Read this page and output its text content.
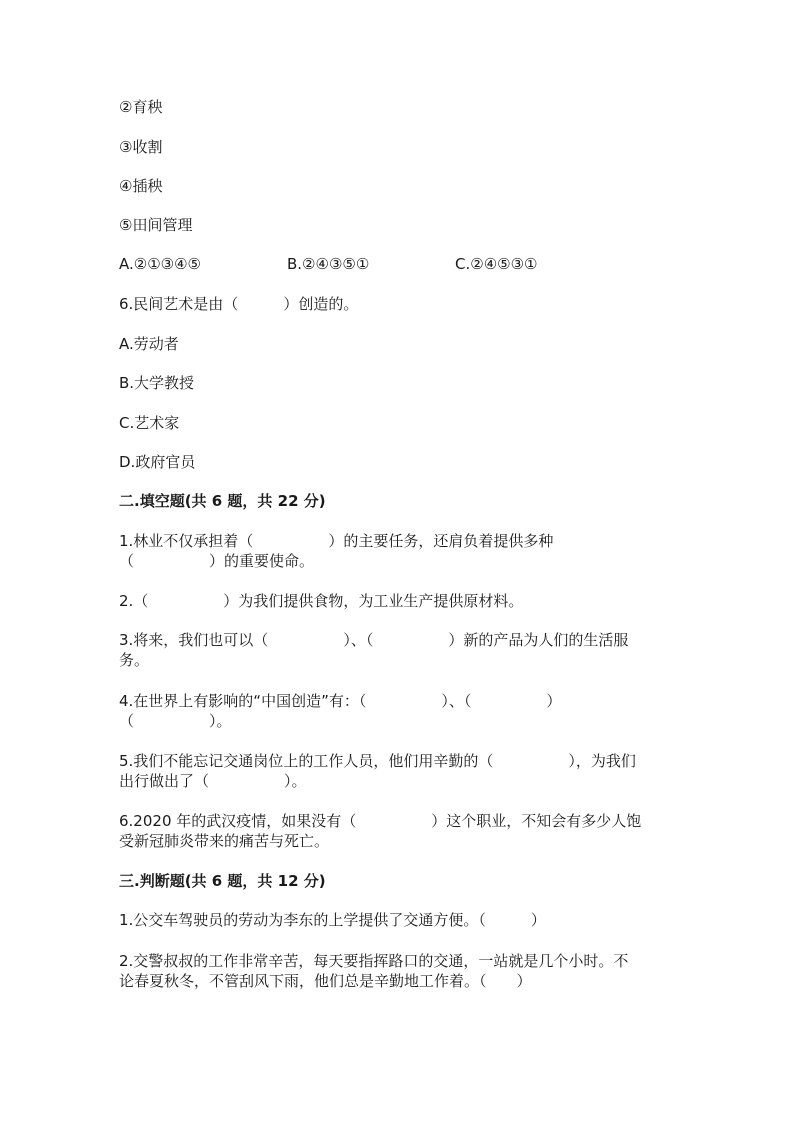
②育秧
③收割
④插秧
⑤田间管理
A.②①③④⑤	B.②④③⑤①	C.②④⑤③①
6.民间艺术是由（　　　）创造的。
A.劳动者
B.大学教授
C.艺术家
D.政府官员
二.填空题(共 6 题，共 22 分)
1.林业不仅承担着（　　　　　）的主要任务，还肩负着提供多种
（　　　　　）的重要使命。
2.（　　　　　）为我们提供食物，为工业生产提供原材料。
3.将来，我们也可以（　　　　　）、（　　　　　）新的产品为人们的生活服
务。
4.在世界上有影响的“中国创造”有：（　　　　　）、（　　　　　）
（　　　　　）。
5.我们不能忘记交通岗位上的工作人员，他们用辛勤的（　　　　　），为我们
出行做出了（　　　　　）。
6.2020 年的武汉疫情，如果没有（　　　　　）这个职业，不知会有多少人饱
受新冠肺炎带来的痛苦与死亡。
三.判断题(共 6 题，共 12 分)
1.公交车驾驶员的劳动为李东的上学提供了交通方便。（　　　）
2.交警叔叔的工作非常辛苦，每天要指挥路口的交通，一站就是几个小时。不
论春夏秋冬，不管刮风下雨，他们总是辛勤地工作着。（　　）
